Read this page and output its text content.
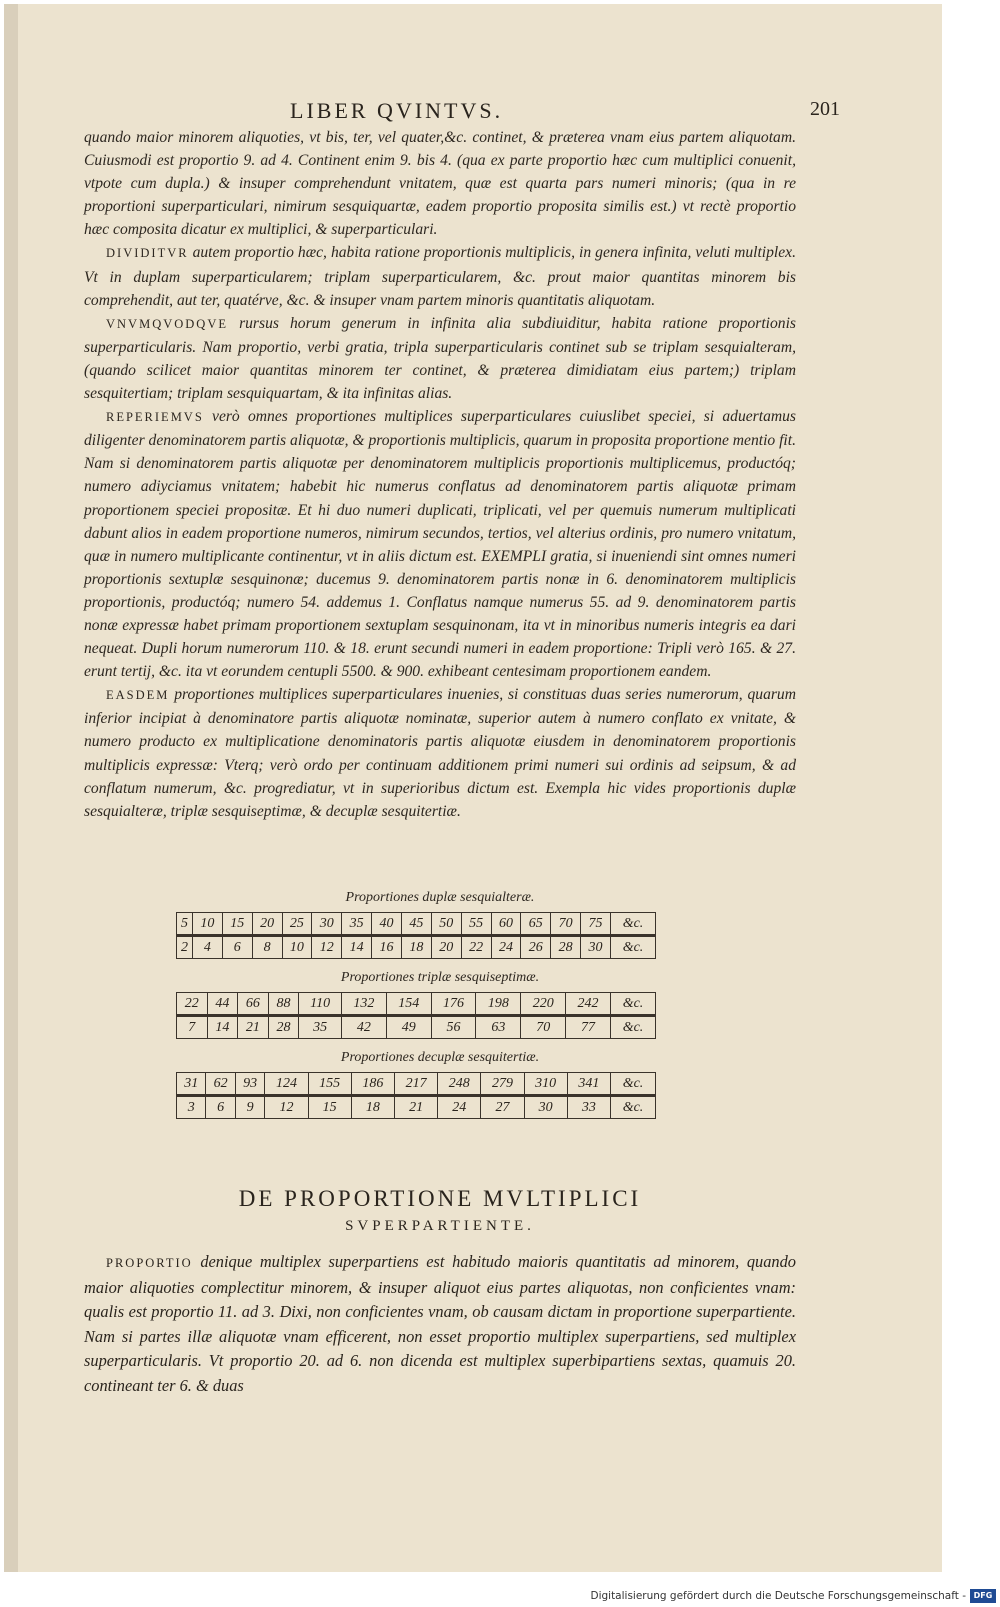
LIBER QVINTVS.	201

quando maior minorem aliquoties, vt bis, ter, vel quater,&c. continet, & præterea vnam eius partem aliquotam. Cuiusmodi est proportio 9. ad 4. Continent enim 9. bis 4. (qua ex parte proportio hæc cum multiplici conuenit, vtpote cum dupla.) & insuper comprehendunt vnitatem, quæ est quarta pars numeri minoris; (qua in re proportioni superparticulari, nimirum sesquiquartæ, eadem proportio proposita similis est.) vt rectè proportio hæc composita dicatur ex multiplici, & superparticulari.

DIVIDITVR autem proportio hæc, habita ratione proportionis multiplicis, in genera infinita, veluti multiplex. Vt in duplam superparticularem; triplam superparticularem, &c. prout maior quantitas minorem bis comprehendit, aut ter, quatérve, &c. & insuper vnam partem minoris quantitatis aliquotam.

VNVMQVODQVE rursus horum generum in infinita alia subdiuiditur, habita ratione proportionis superparticularis. Nam proportio, verbi gratia, tripla superparticularis continet sub se triplam sesquialteram, (quando scilicet maior quantitas minorem ter continet, & præterea dimidiatam eius partem;) triplam sesquitertiam; triplam sesquiquartam, & ita infinitas alias.

REPERIEMVS verò omnes proportiones multiplices superparticulares cuiuslibet speciei, si aduertamus diligenter denominatorem partis aliquotæ, & proportionis multiplicis, quarum in proposita proportione mentio fit. Nam si denominatorem partis aliquotæ per denominatorem multiplicis proportionis multiplicemus, productóq; numero adiyciamus vnitatem; habebit hic numerus conflatus ad denominatorem partis aliquotæ primam proportionem speciei propositæ. Et hi duo numeri duplicati, triplicati, vel per quemuis numerum multiplicati dabunt alios in eadem proportione numeros, nimirum secundos, tertios, vel alterius ordinis, pro numero vnitatum, quæ in numero multiplicante continentur, vt in aliis dictum est. EXEMPLI gratia, si inueniendi sint omnes numeri proportionis sextuplæ sesquinonæ; ducemus 9. denominatorem partis nonæ in 6. denominatorem multiplicis proportionis, productóq; numero 54. addemus 1. Conflatus namque numerus 55. ad 9. denominatorem partis nonæ expressæ habet primam proportionem sextuplam sesquinonam, ita vt in minoribus numeris integris ea dari nequeat. Dupli horum numerorum 110. & 18. erunt secundi numeri in eadem proportione: Tripli verò 165. & 27. erunt tertij, &c. ita vt eorundem centupli 5500. & 900. exhibeant centesimam proportionem eandem.

EASDEM proportiones multiplices superparticulares inuenies, si constituas duas series numerorum, quarum inferior incipiat à denominatore partis aliquotæ nominatæ, superior autem à numero conflato ex vnitate, & numero producto ex multiplicatione denominatoris partis aliquotæ eiusdem in denominatorem proportionis multiplicis expressæ: Vterq; verò ordo per continuam additionem primi numeri sui ordinis ad seipsum, & ad conflatum numerum, &c. progrediatur, vt in superioribus dictum est. Exempla hic vides proportionis duplæ sesquialteræ, triplæ sesquiseptimæ, & decuplæ sesquitertiæ.

Proportiones duplæ sesquialteræ.
5	10	15	20	25	30	35	40	45	50	55	60	65	70	75	&c.
2	4	6	8	10	12	14	16	18	20	22	24	26	28	30	&c.
Proportiones triplæ sesquiseptimæ.
22	44	66	88	110	132	154	176	198	220	242	&c.
7	14	21	28	35	42	49	56	63	70	77	&c.
Proportiones decuplæ sesquitertiæ.
31	62	93	124	155	186	217	248	279	310	341	&c.
3	6	9	12	15	18	21	24	27	30	33	&c.
DE PROPORTIONE MVLTIPLICI
SVPERPARTIENTE.

PROPORTIO denique multiplex superpartiens est habitudo maioris quantitatis ad minorem, quando maior aliquoties complectitur minorem, & insuper aliquot eius partes aliquotas, non conficientes vnam: qualis est proportio 11. ad 3. Dixi, non conficientes vnam, ob causam dictam in proportione superpartiente. Nam si partes illæ aliquotæ vnam efficerent, non esset proportio multiplex superpartiens, sed multiplex superparticularis. Vt proportio 20. ad 6. non dicenda est multiplex superbipartiens sextas, quamuis 20. contineant ter 6. & duas

Digitalisierung gefördert durch die Deutsche Forschungsgemeinschaft - DFG
